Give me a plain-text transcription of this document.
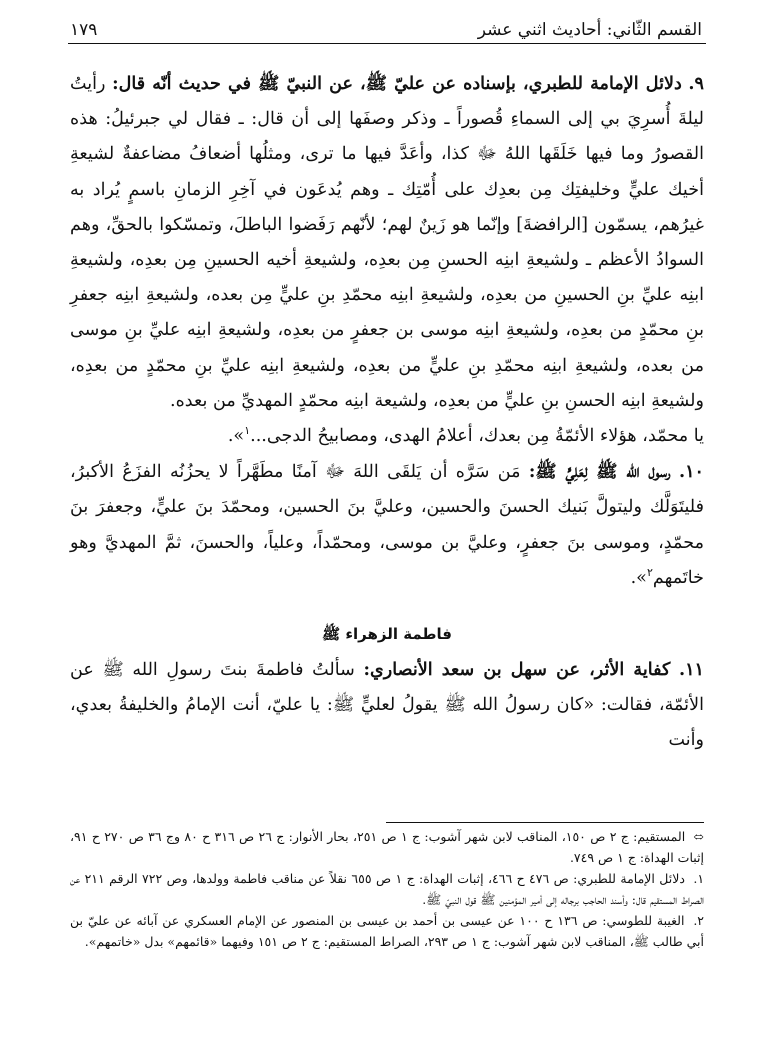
القسم الثّاني: أحاديث اثني عشر
١٧٩

٩. دلائل الإمامة للطبري، بإسناده عن عليّ ﷺ، عن النبيّ ﷺ في حديث أنّه قال: رأيتُ ليلةَ أُسرِيَ بي إلى السماءِ قُصوراً ـ وذكر وصفَها إلى أن قال: ـ فقال لي جبرئيلُ: هذه القصورُ وما فيها خَلَقَها اللهُ ﷻ كذا، وأعَدَّ فيها ما ترى، ومثلُها أضعافُ مضاعفةٌ لشيعةِ أخيك عليٍّ وخليفتِك مِن بعدِك على أُمّتِك ـ وهم يُدعَون في آخِرِ الزمانِ باسمٍ يُراد به غيرُهم، يسمّون [الرافضةَ] وإنّما هو زَينٌ لهم؛ لأنّهم رَفَضوا الباطلَ، وتمسّكوا بالحقِّ، وهم السوادُ الأعظم ـ ولشيعةِ ابنِه الحسنِ مِن بعدِه، ولشيعةِ أخيه الحسينِ مِن بعدِه، ولشيعةِ ابنِه عليِّ بنِ الحسينِ من بعدِه، ولشيعةِ ابنِه محمّدِ بنِ عليٍّ مِن بعده، ولشيعةِ ابنِه جعفرِ بنِ محمّدٍ من بعدِه، ولشيعةِ ابنِه موسى بن جعفرٍ من بعدِه، ولشيعةِ ابنِه عليِّ بنِ موسى من بعده، ولشيعةِ ابنِه محمّدِ بنِ عليٍّ من بعدِه، ولشيعةِ ابنِه عليِّ بنِ محمّدٍ من بعدِه، ولشيعةِ ابنِه الحسنِ بنِ عليٍّ من بعدِه، ولشيعة ابنِه محمّدٍ المهديِّ من بعده.

يا محمّد، هؤلاء الأئمّةُ مِن بعدك، أعلامُ الهدى، ومصابيحُ الدجى...$^١$».

١٠. رسول الله ﷺ لِعَلِيٍّ ﷺ: مَن سَرَّه أن يَلقَى اللهَ ﷻ آمنًا مطَهَّراً لا يحزُنُه الفزَعُ الأكبرُ، فليتَوَلَّك وليتولَّ بَنيك الحسنَ والحسين، وعليَّ بنَ الحسين، ومحمّدَ بنَ عليٍّ، وجعفرَ بنَ محمّدٍ، وموسى بنَ جعفرٍ، وعليَّ بن موسى، ومحمّداً، وعلياً، والحسنَ، ثمَّ المهديَّ وهو خاتَمهم$^٢$».

فاطمة الزهراء ﷺ

١١. كفاية الأثر، عن سهل بن سعد الأنصاري: سألتُ فاطمةَ بنتَ رسولِ الله ﷺ عن الأئمّة، فقالت: «كان رسولُ الله ﷺ يقولُ لعليٍّ ﷺ: يا عليّ، أنت الإمامُ والخليفةُ بعدي، وأنت

⬄ المستقيم: ج ٢ ص ١٥٠، المناقب لابن شهر آشوب: ج ١ ص ٢٥١، بحار الأنوار: ج ٢٦ ص ٣١٦ ح ٨٠ وج ٣٦ ص ٢٧٠ ح ٩١، إثبات الهداة: ج ١ ص ٧٤٩.

١. دلائل الإمامة للطبري: ص ٤٧٦ ح ٤٦٦، إثبات الهداة: ج ١ ص ٦٥٥ نقلاً عن مناقب فاطمة وولدها، وص ٧٢٢ الرقم ٢١١ عن الصراط المستقيم قال: وأسند الحاجب برجاله إلى أمير المؤمنين ﷺ قول النبيّ ﷺ.

٢. الغيبة للطوسي: ص ١٣٦ ح ١٠٠ عن عيسى بن أحمد بن عيسى بن المنصور عن الإمام العسكري عن آبائه عن عليّ بن أبي طالب ﷺ، المناقب لابن شهر آشوب: ج ١ ص ٢٩٣، الصراط المستقيم: ج ٢ ص ١٥١ وفيهما «قائمهم» بدل «خاتمهم».
